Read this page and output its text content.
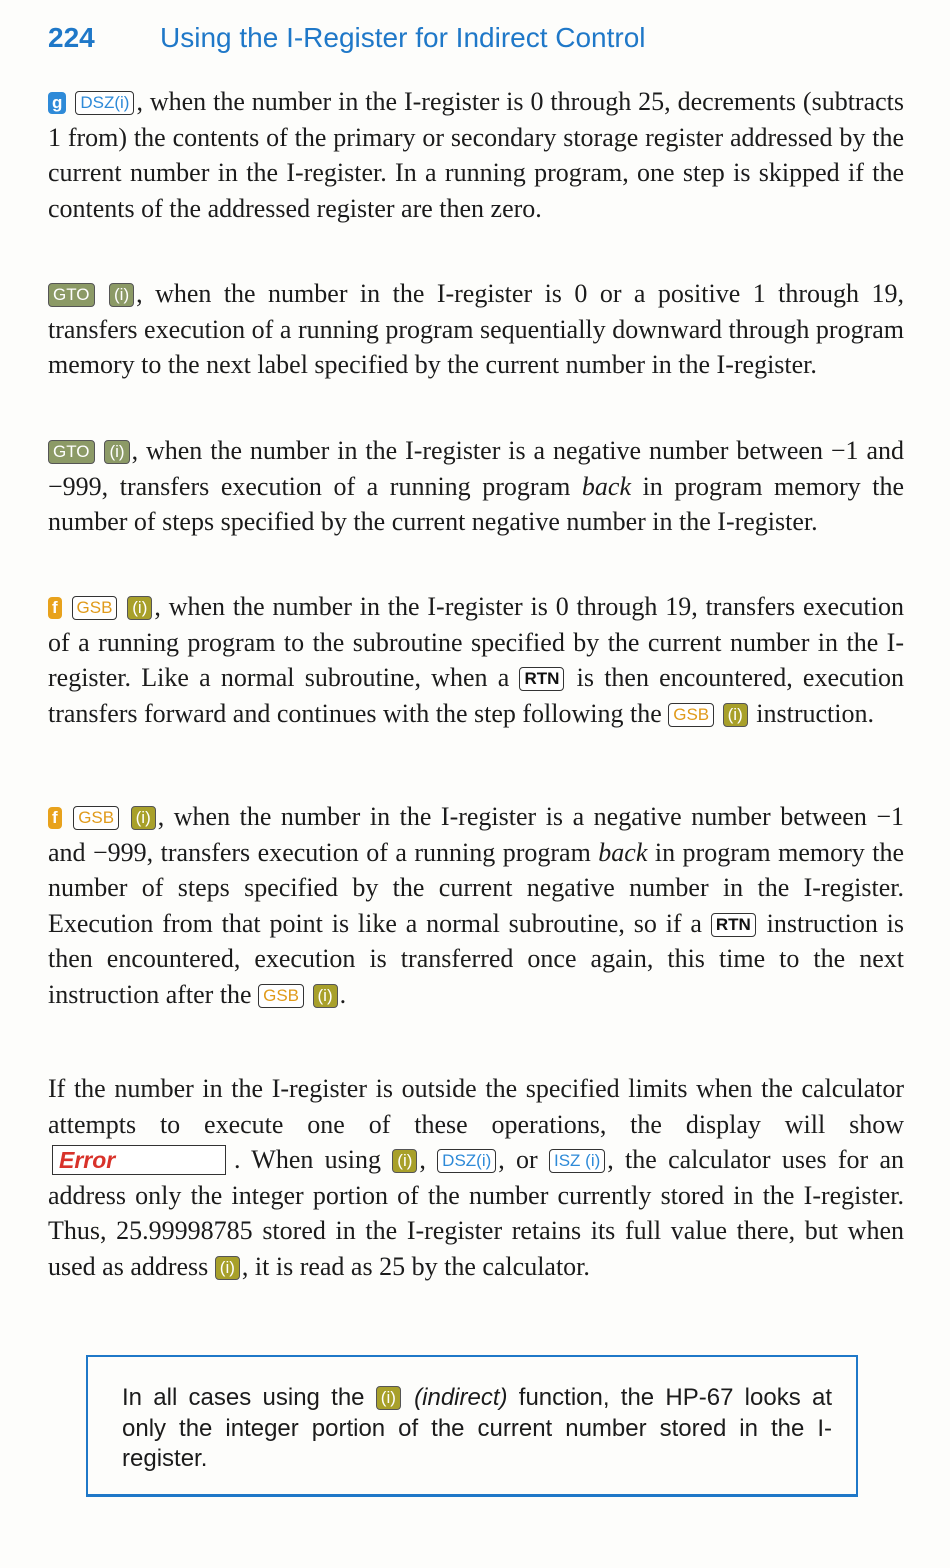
224 Using the I-Register for Indirect Control

g DSZ(i) , when the number in the I-register is 0 through 25, decrements (subtracts 1 from) the contents of the primary or secondary storage register addressed by the current number in the I-register. In a running program, one step is skipped if the contents of the addressed register are then zero.

GTO (i) , when the number in the I-register is 0 or a positive 1 through 19, transfers execution of a running program sequentially downward through program memory to the next label specified by the current number in the I-register.

GTO (i) , when the number in the I-register is a negative number between −1 and −999, transfers execution of a running program back in program memory the number of steps specified by the current negative number in the I-register.

f GSB (i) , when the number in the I-register is 0 through 19, transfers execution of a running program to the subroutine specified by the current number in the I-register. Like a normal subroutine, when a RTN is then encountered, execution transfers forward and continues with the step following the GSB (i) instruction.

f GSB (i) , when the number in the I-register is a negative number between −1 and −999, transfers execution of a running program back in program memory the number of steps specified by the current negative number in the I-register. Execution from that point is like a normal subroutine, so if a RTN instruction is then encountered, execution is transferred once again, this time to the next instruction after the GSB (i) .

If the number in the I-register is outside the specified limits when the calculator attempts to execute one of these operations, the display will show Error	. When using (i) , DSZ(i) , or ISZ (i) , the calculator uses for an address only the integer portion of the number currently stored in the I-register. Thus, 25.99998785 stored in the I-register retains its full value there, but when used as address (i) , it is read as 25 by the calculator.

In all cases using the (i) (indirect) function, the HP-67 looks at only the integer portion of the current number stored in the I-register.
